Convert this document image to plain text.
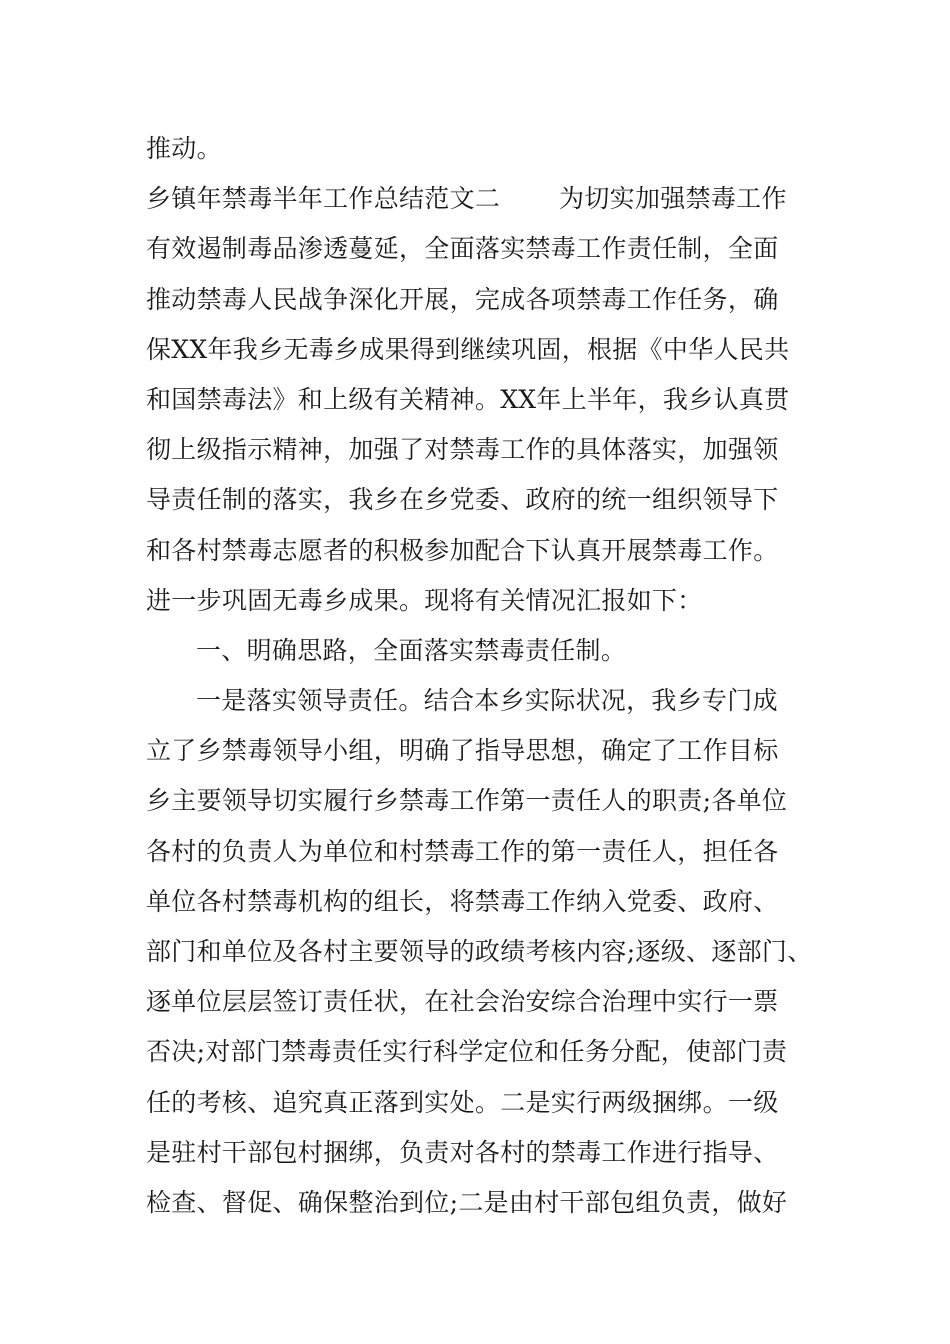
推动。
乡镇年禁毒半年工作总结范文二　　 为切实加强禁毒工作
有效遏制毒品渗透蔓延，全面落实禁毒工作责任制，全面
推动禁毒人民战争深化开展，完成各项禁毒工作任务，确
保XX年我乡无毒乡成果得到继续巩固，根据《中华人民共
和国禁毒法》和上级有关精神。XX年上半年，我乡认真贯
彻上级指示精神，加强了对禁毒工作的具体落实，加强领
导责任制的落实，我乡在乡党委、政府的统一组织领导下
和各村禁毒志愿者的积极参加配合下认真开展禁毒工作。
进一步巩固无毒乡成果。现将有关情况汇报如下：
一、明确思路，全面落实禁毒责任制。
一是落实领导责任。结合本乡实际状况，我乡专门成
立了乡禁毒领导小组，明确了指导思想，确定了工作目标
乡主要领导切实履行乡禁毒工作第一责任人的职责;各单位
各村的负责人为单位和村禁毒工作的第一责任人，担任各
单位各村禁毒机构的组长，将禁毒工作纳入党委、政府、
部门和单位及各村主要领导的政绩考核内容;逐级、逐部门、
逐单位层层签订责任状，在社会治安综合治理中实行一票
否决;对部门禁毒责任实行科学定位和任务分配，使部门责
任的考核、追究真正落到实处。二是实行两级捆绑。一级
是驻村干部包村捆绑，负责对各村的禁毒工作进行指导、
检查、督促、确保整治到位;二是由村干部包组负责，做好
